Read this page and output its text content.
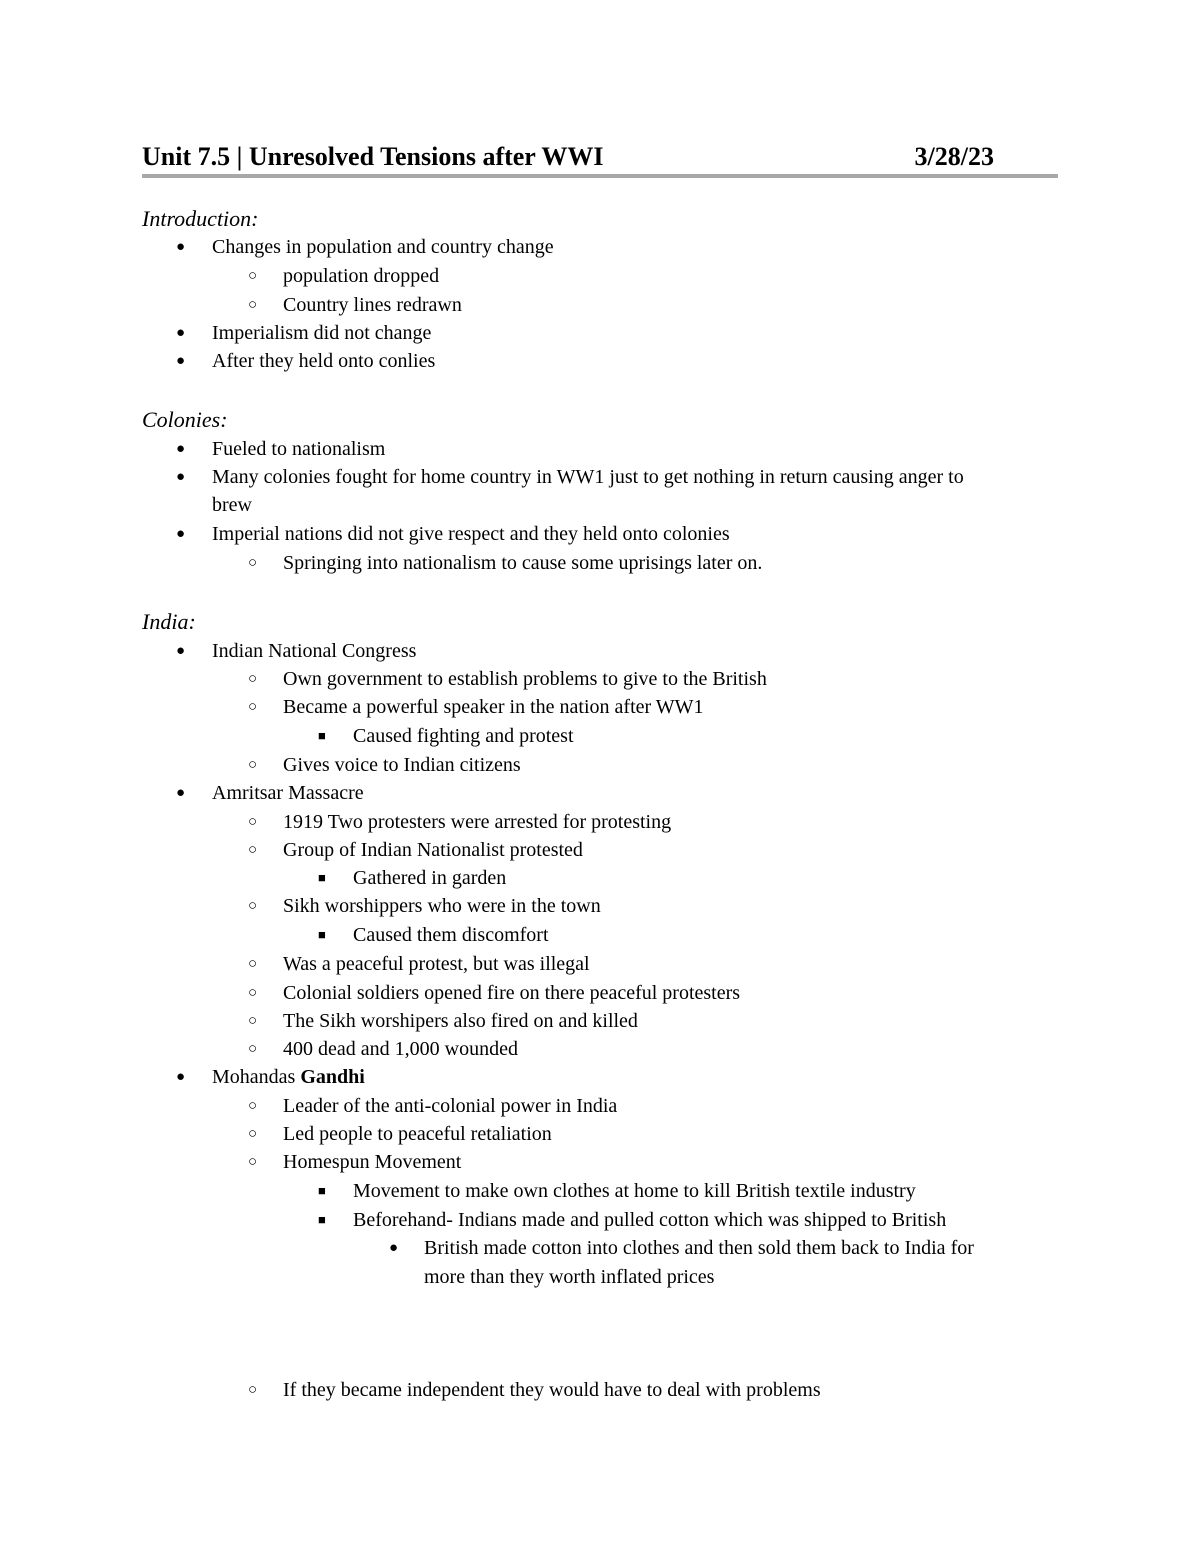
Unit 7.5 | Unresolved Tensions after WWI	3/28/23
Introduction:
● Changes in population and country change
○ population dropped
○ Country lines redrawn
● Imperialism did not change
● After they held onto conlies
Colonies:
● Fueled to nationalism
● Many colonies fought for home country in WW1 just to get nothing in return causing anger to
brew
● Imperial nations did not give respect and they held onto colonies
○ Springing into nationalism to cause some uprisings later on.
India:
● Indian National Congress
○ Own government to establish problems to give to the British
○ Became a powerful speaker in the nation after WW1
■ Caused fighting and protest
○ Gives voice to Indian citizens
● Amritsar Massacre
○ 1919 Two protesters were arrested for protesting
○ Group of Indian Nationalist protested
■ Gathered in garden
○ Sikh worshippers who were in the town
■ Caused them discomfort
○ Was a peaceful protest, but was illegal
○ Colonial soldiers opened fire on there peaceful protesters
○ The Sikh worshipers also fired on and killed
○ 400 dead and 1,000 wounded
● Mohandas Gandhi
○ Leader of the anti-colonial power in India
○ Led people to peaceful retaliation
○ Homespun Movement
■ Movement to make own clothes at home to kill British textile industry
■ Beforehand- Indians made and pulled cotton which was shipped to British
● British made cotton into clothes and then sold them back to India for
more than they worth inflated prices
○ If they became independent they would have to deal with problems
